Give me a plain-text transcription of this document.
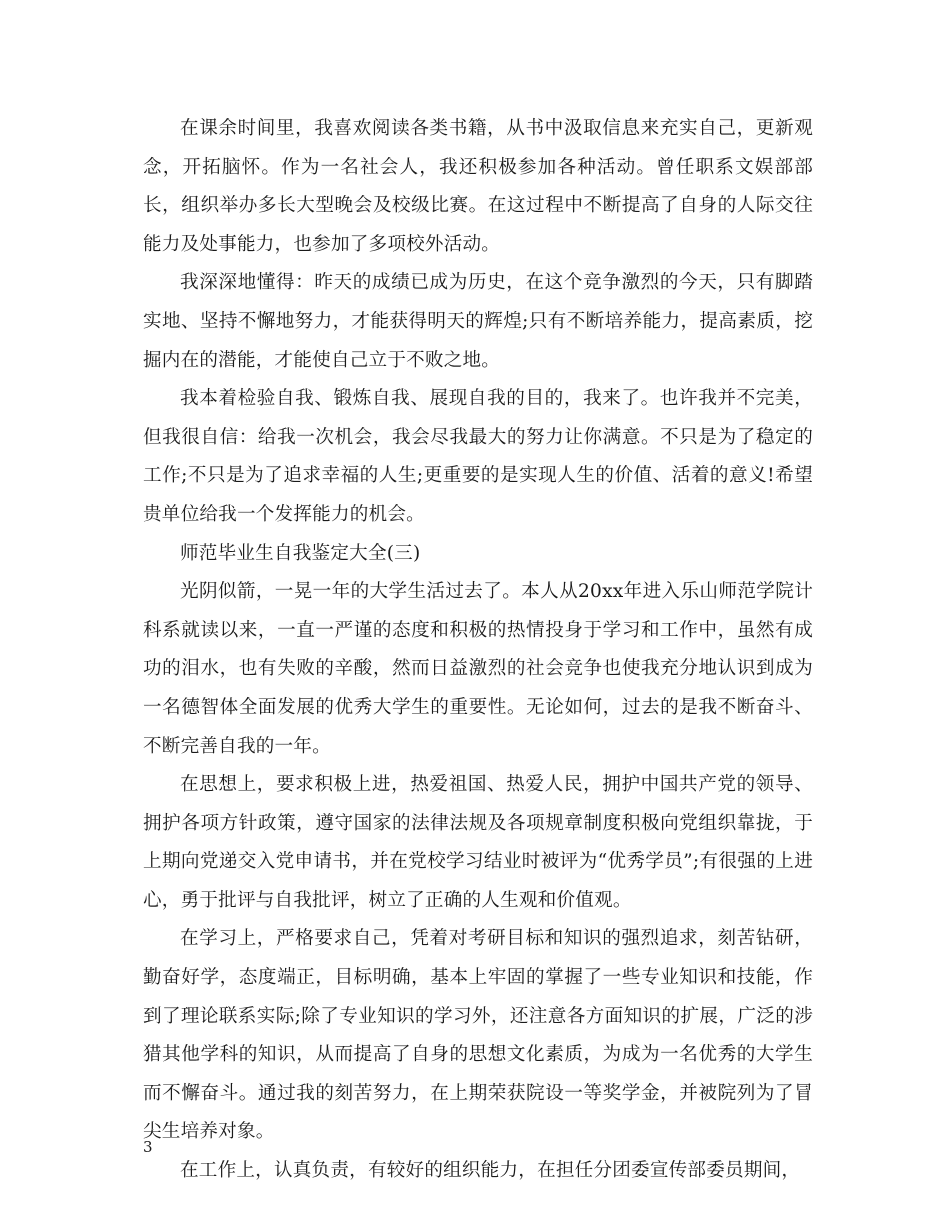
在课余时间里，我喜欢阅读各类书籍，从书中汲取信息来充实自己，更新观念，开拓脑怀。作为一名社会人，我还积极参加各种活动。曾任职系文娱部部长，组织举办多长大型晚会及校级比赛。在这过程中不断提高了自身的人际交往能力及处事能力，也参加了多项校外活动。

我深深地懂得：昨天的成绩已成为历史，在这个竞争激烈的今天，只有脚踏实地、坚持不懈地努力，才能获得明天的辉煌;只有不断培养能力，提高素质，挖掘内在的潜能，才能使自己立于不败之地。

我本着检验自我、锻炼自我、展现自我的目的，我来了。也许我并不完美，但我很自信：给我一次机会，我会尽我最大的努力让你满意。不只是为了稳定的工作;不只是为了追求幸福的人生;更重要的是实现人生的价值、活着的意义!希望贵单位给我一个发挥能力的机会。

师范毕业生自我鉴定大全(三)

光阴似箭，一晃一年的大学生活过去了。本人从20xx年进入乐山师范学院计科系就读以来，一直一严谨的态度和积极的热情投身于学习和工作中，虽然有成功的泪水，也有失败的辛酸，然而日益激烈的社会竞争也使我充分地认识到成为一名德智体全面发展的优秀大学生的重要性。无论如何，过去的是我不断奋斗、不断完善自我的一年。

在思想上，要求积极上进，热爱祖国、热爱人民，拥护中国共产党的领导、拥护各项方针政策，遵守国家的法律法规及各项规章制度积极向党组织靠拢，于上期向党递交入党申请书，并在党校学习结业时被评为“优秀学员”;有很强的上进心，勇于批评与自我批评，树立了正确的人生观和价值观。

在学习上，严格要求自己，凭着对考研目标和知识的强烈追求，刻苦钻研，勤奋好学，态度端正，目标明确，基本上牢固的掌握了一些专业知识和技能，作到了理论联系实际;除了专业知识的学习外，还注意各方面知识的扩展，广泛的涉猎其他学科的知识，从而提高了自身的思想文化素质，为成为一名优秀的大学生而不懈奋斗。通过我的刻苦努力，在上期荣获院设一等奖学金，并被院列为了冒尖生培养对象。

在工作上，认真负责，有较好的组织能力，在担任分团委宣传部委员期间，

3
